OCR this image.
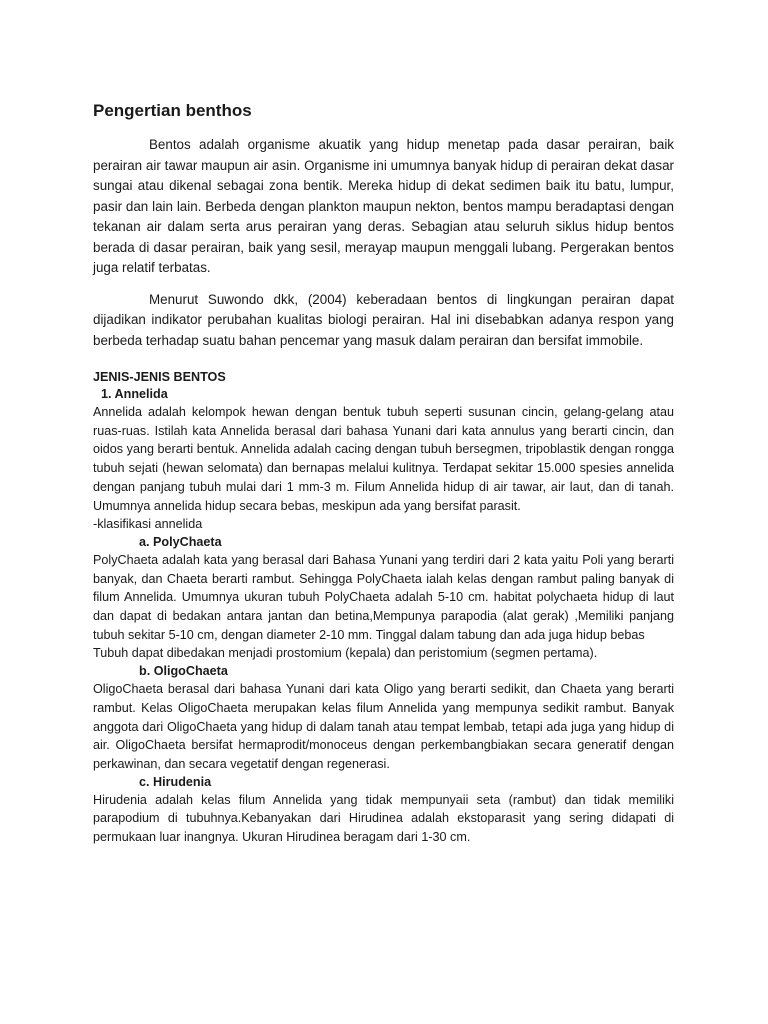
Pengertian benthos

Bentos adalah organisme akuatik yang hidup menetap pada dasar perairan, baik perairan air tawar maupun air asin. Organisme ini umumnya banyak hidup di perairan dekat dasar sungai atau dikenal sebagai zona bentik. Mereka hidup di dekat sedimen baik itu batu, lumpur, pasir dan lain lain. Berbeda dengan plankton maupun nekton, bentos mampu beradaptasi dengan tekanan air dalam serta arus perairan yang deras. Sebagian atau seluruh siklus hidup bentos berada di dasar perairan, baik yang sesil, merayap maupun menggali lubang. Pergerakan bentos juga relatif terbatas.

Menurut Suwondo dkk, (2004) keberadaan bentos di lingkungan perairan dapat dijadikan indikator perubahan kualitas biologi perairan. Hal ini disebabkan adanya respon yang berbeda terhadap suatu bahan pencemar yang masuk dalam perairan dan bersifat immobile.

JENIS-JENIS BENTOS
1. Annelida

Annelida adalah kelompok hewan dengan bentuk tubuh seperti susunan cincin, gelang-gelang atau ruas-ruas. Istilah kata Annelida berasal dari bahasa Yunani dari kata annulus yang berarti cincin, dan oidos yang berarti bentuk. Annelida adalah cacing dengan tubuh bersegmen, tripoblastik dengan rongga tubuh sejati (hewan selomata) dan bernapas melalui kulitnya. Terdapat sekitar 15.000 spesies annelida dengan panjang tubuh mulai dari 1 mm-3 m. Filum Annelida hidup di air tawar, air laut, dan di tanah. Umumnya annelida hidup secara bebas, meskipun ada yang bersifat parasit.

-klasifikasi annelida

a. PolyChaeta

PolyChaeta adalah kata yang berasal dari Bahasa Yunani yang terdiri dari 2 kata yaitu Poli yang berarti banyak, dan Chaeta berarti rambut. Sehingga PolyChaeta ialah kelas dengan rambut paling banyak di filum Annelida. Umumnya ukuran tubuh PolyChaeta adalah 5-10 cm. habitat polychaeta hidup di laut dan dapat di bedakan antara jantan dan betina,Mempunya parapodia (alat gerak) ,Memiliki panjang tubuh sekitar 5-10 cm, dengan diameter 2-10 mm. Tinggal dalam tabung dan ada juga hidup bebas

Tubuh dapat dibedakan menjadi prostomium (kepala) dan peristomium (segmen pertama).

b. OligoChaeta

OligoChaeta berasal dari bahasa Yunani dari kata Oligo yang berarti sedikit, dan Chaeta yang berarti rambut. Kelas OligoChaeta merupakan kelas filum Annelida yang mempunya sedikit rambut. Banyak anggota dari OligoChaeta yang hidup di dalam tanah atau tempat lembab, tetapi ada juga yang hidup di air. OligoChaeta bersifat hermaprodit/monoceus dengan perkembangbiakan secara generatif dengan perkawinan, dan secara vegetatif dengan regenerasi.

c. Hirudenia

Hirudenia adalah kelas filum Annelida yang tidak mempunyaii seta (rambut) dan tidak memiliki parapodium di tubuhnya.Kebanyakan dari Hirudinea adalah ekstoparasit yang sering didapati di permukaan luar inangnya. Ukuran Hirudinea beragam dari 1-30 cm.
